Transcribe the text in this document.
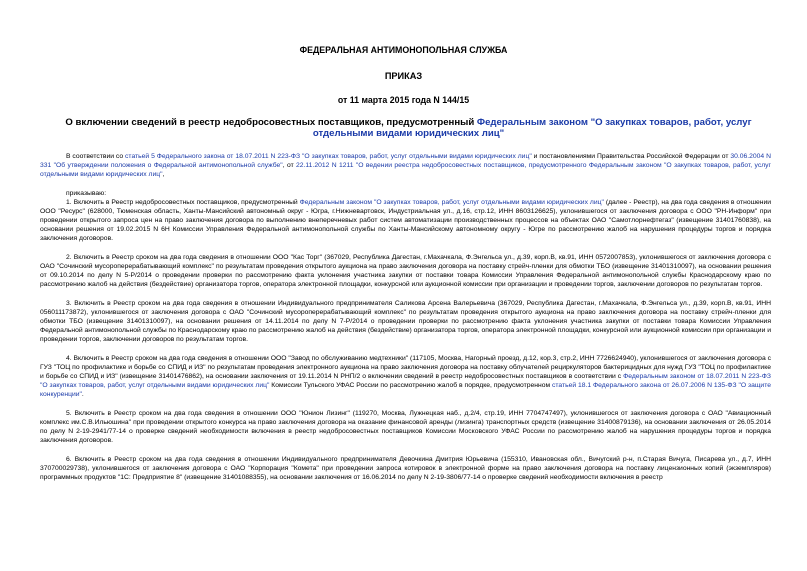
ФЕДЕРАЛЬНАЯ АНТИМОНОПОЛЬНАЯ СЛУЖБА
ПРИКАЗ
от 11 марта 2015 года N 144/15
О включении сведений в реестр недобросовестных поставщиков, предусмотренный Федеральным законом "О закупках товаров, работ, услуг отдельными видами юридических лиц"

В соответствии со статьей 5 Федерального закона от 18.07.2011 N 223-ФЗ "О закупках товаров, работ, услуг отдельными видами юридических лиц" и постановлениями Правительства Российской Федерации от 30.06.2004 N 331 "Об утверждении положения о Федеральной антимонопольной службе", от 22.11.2012 N 1211 "О ведении реестра недобросовестных поставщиков, предусмотренного Федеральным законом "О закупках товаров, работ, услуг отдельными видами юридических лиц",

приказываю:

1. Включить в Реестр недобросовестных поставщиков, предусмотренный Федеральным законом "О закупках товаров, работ, услуг отдельными видами юридических лиц" (далее - Реестр), на два года сведения в отношении ООО "Ресурс" (628000, Тюменская область, Ханты-Мансийский автономный округ - Югра, г.Нижневартовск, Индустриальная ул., д.16, стр.12, ИНН 8603126625), уклонившегося от заключения договора с ООО "РН-Информ" при проведении открытого запроса цен на право заключения договора по выполнению внеперечневых работ систем автоматизации производственных процессов на объектах ОАО "Самотлорнефтегаз" (извещение 31401760838), на основании решения от 19.02.2015 N 6Н Комиссии Управления Федеральной антимонопольной службы по Ханты-Мансийскому автономному округу - Югре по рассмотрению жалоб на нарушения процедуры торгов и порядка заключения договоров.

2. Включить в Реестр сроком на два года сведения в отношении ООО "Кас Торг" (367029, Республика Дагестан, г.Махачкала, Ф.Энгельса ул., д.39, корп.В, кв.91, ИНН 0572007853), уклонившегося от заключения договора с ОАО "Сочинский мусороперерабатывающий комплекс" по результатам проведения открытого аукциона на право заключения договора на поставку стрейч-пленки для обмотки ТБО (извещение 31401310097), на основании решения от 09.10.2014 по делу N 5-Р/2014 о проведении проверки по рассмотрению факта уклонения участника закупки от поставки товара Комиссии Управления Федеральной антимонопольной службы Краснодарскому краю по рассмотрению жалоб на действия (бездействие) организатора торгов, оператора электронной площадки, конкурсной или аукционной комиссии при организации и проведении торгов, заключении договоров по результатам торгов.

3. Включить в Реестр сроком на два года сведения в отношении Индивидуального предпринимателя Саликова Арсена Валерьевича (367029, Республика Дагестан, г.Махачкала, Ф.Энгельса ул., д.39, корп.В, кв.91, ИНН 056011173872), уклонившегося от заключения договора с ОАО "Сочинский мусороперерабатывающий комплекс" по результатам проведения открытого аукциона на право заключения договора на поставку стрейч-пленки для обмотки ТБО (извещение 31401310097), на основании решения от 14.11.2014 по делу N 7-Р/2014 о проведении проверки по рассмотрению факта уклонения участника закупки от поставки товара Комиссии Управления Федеральной антимонопольной службы по Краснодарскому краю по рассмотрению жалоб на действия (бездействие) организатора торгов, оператора электронной площадки, конкурсной или аукционной комиссии при организации и проведении торгов, заключении договоров по результатам торгов.

4. Включить в Реестр сроком на два года сведения в отношении ООО "Завод по обслуживанию медтехники" (117105, Москва, Нагорный проезд, д.12, кор.3, стр.2, ИНН 7726624940), уклонившегося от заключения договора с ГУЗ "ТОЦ по профилактике и борьбе со СПИД и ИЗ" по результатам проведения электронного аукциона на право заключения договора на поставку облучателей рециркуляторов бактерицидных для нужд ГУЗ "ТОЦ по профилактике и борьбе со СПИД и ИЗ" (извещение 31401476862), на основании заключения от 19.11.2014 N РНП/2 о включении сведений в реестр недобросовестных поставщиков в соответствии с Федеральным законом от 18.07.2011 N 223-ФЗ "О закупках товаров, работ, услуг отдельными видами юридических лиц" Комиссии Тульского УФАС России по рассмотрению жалоб в порядке, предусмотренном статьей 18.1 Федерального закона от 26.07.2006 N 135-ФЗ "О защите конкуренции".

5. Включить в Реестр сроком на два года сведения в отношении ООО "Юнион Лизинг" (119270, Москва, Лужнецкая наб., д.2/4, стр.19, ИНН 7704747497), уклонившегося от заключения договора с ОАО "Авиационный комплекс им.С.В.Ильюшина" при проведении открытого конкурса на право заключения договора на оказание финансовой аренды (лизинга) транспортных средств (извещение 31400879136), на основании заключения от 26.05.2014 по делу N 2-19-2941/77-14 о проверке сведений необходимости включения в реестр недобросовестных поставщиков Комиссии Московского УФАС России по рассмотрению жалоб на нарушения процедуры торгов и порядка заключения договоров.

6. Включить в Реестр сроком на два года сведения в отношении Индивидуального предпринимателя Девочкина Дмитрия Юрьевича (155310, Ивановская обл., Вичугский р-н, п.Старая Вичуга, Писарева ул., д.7, ИНН 370700029738), уклонившегося от заключения договора с ОАО "Корпорация "Комета" при проведении запроса котировок в электронной форме на право заключения договора на поставку лицензионных копий (экземпляров) программных продуктов "1С: Предприятие 8" (извещение 31401088355), на основании заключения от 16.06.2014 по делу N 2-19-3806/77-14 о проверке сведений необходимости включения в реестр
